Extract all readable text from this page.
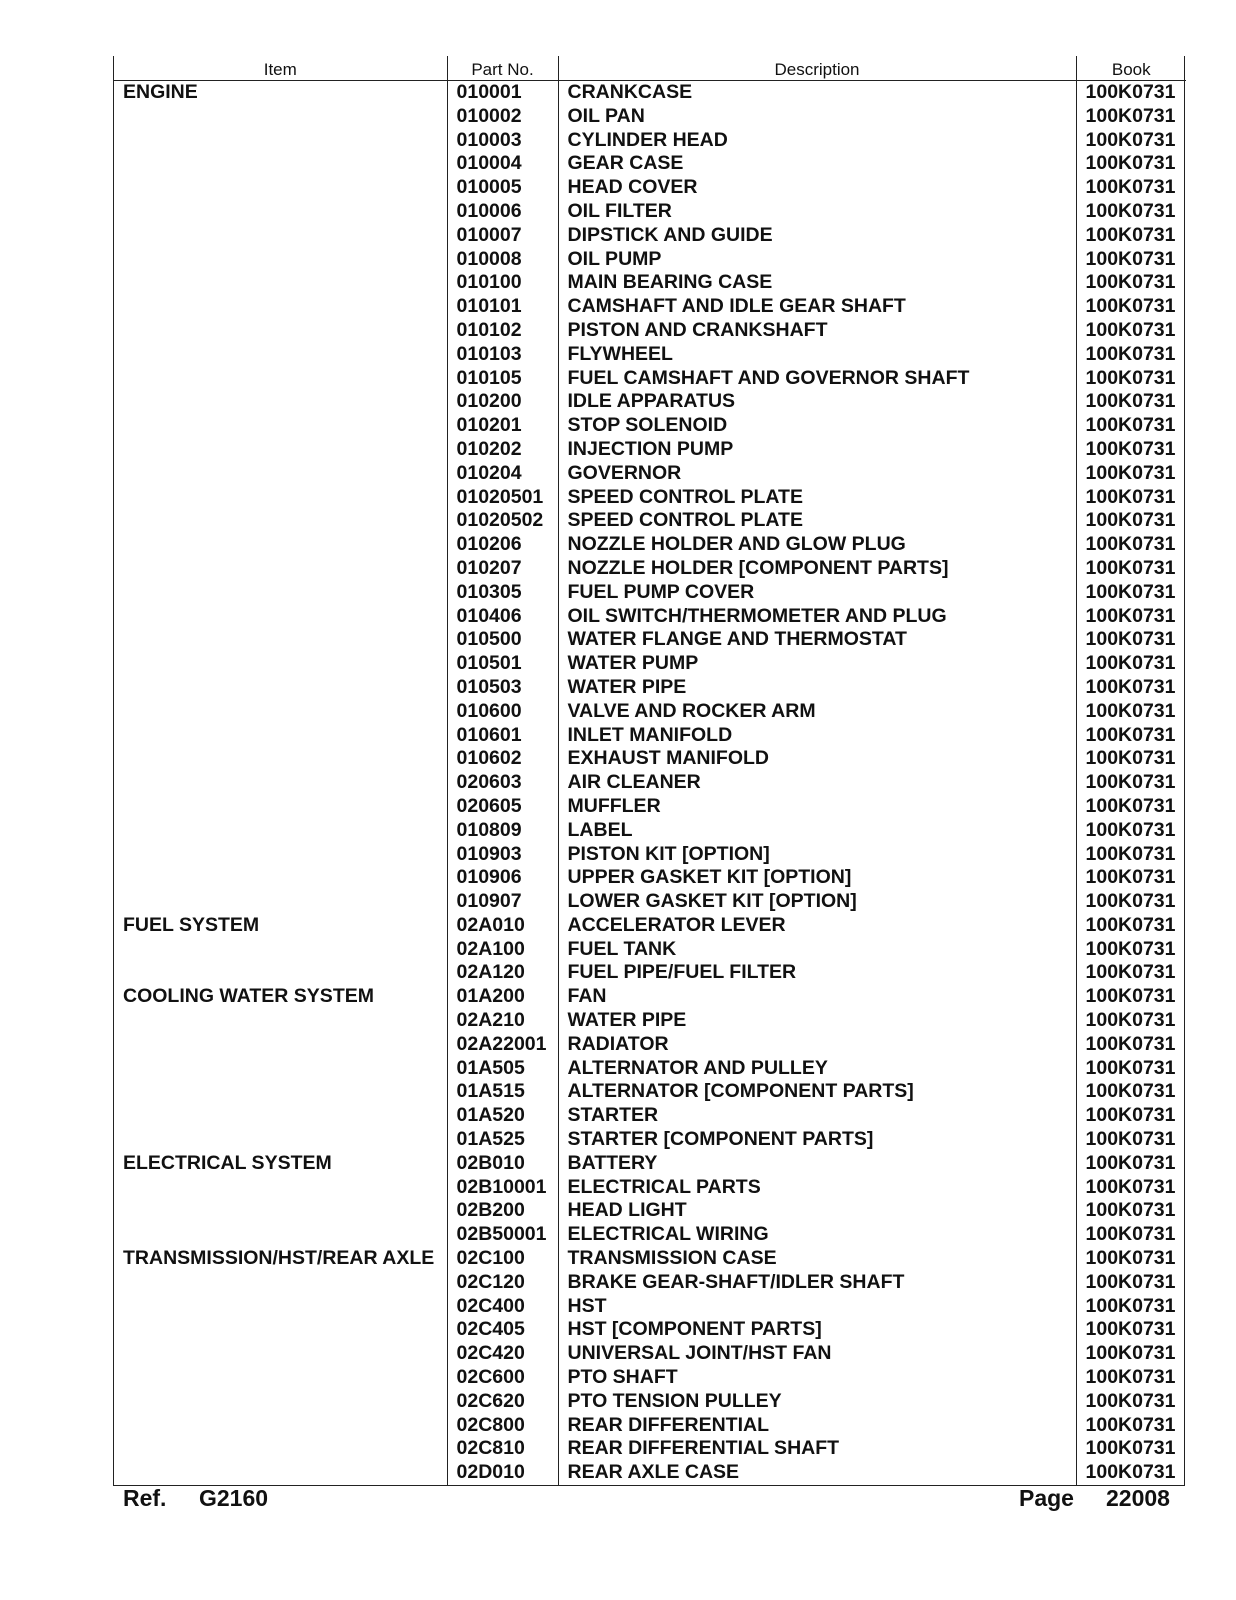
Item	Part No.	Description	Book
ENGINE	010001	CRANKCASE	100K0731
	010002	OIL PAN	100K0731
	010003	CYLINDER HEAD	100K0731
	010004	GEAR CASE	100K0731
	010005	HEAD COVER	100K0731
	010006	OIL FILTER	100K0731
	010007	DIPSTICK AND GUIDE	100K0731
	010008	OIL PUMP	100K0731
	010100	MAIN BEARING CASE	100K0731
	010101	CAMSHAFT AND IDLE GEAR SHAFT	100K0731
	010102	PISTON AND CRANKSHAFT	100K0731
	010103	FLYWHEEL	100K0731
	010105	FUEL CAMSHAFT AND GOVERNOR SHAFT	100K0731
	010200	IDLE APPARATUS	100K0731
	010201	STOP SOLENOID	100K0731
	010202	INJECTION PUMP	100K0731
	010204	GOVERNOR	100K0731
	01020501	SPEED CONTROL PLATE	100K0731
	01020502	SPEED CONTROL PLATE	100K0731
	010206	NOZZLE HOLDER AND GLOW PLUG	100K0731
	010207	NOZZLE HOLDER [COMPONENT PARTS]	100K0731
	010305	FUEL PUMP COVER	100K0731
	010406	OIL SWITCH/THERMOMETER AND PLUG	100K0731
	010500	WATER FLANGE AND THERMOSTAT	100K0731
	010501	WATER PUMP	100K0731
	010503	WATER PIPE	100K0731
	010600	VALVE AND ROCKER ARM	100K0731
	010601	INLET MANIFOLD	100K0731
	010602	EXHAUST MANIFOLD	100K0731
	020603	AIR CLEANER	100K0731
	020605	MUFFLER	100K0731
	010809	LABEL	100K0731
	010903	PISTON KIT [OPTION]	100K0731
	010906	UPPER GASKET KIT [OPTION]	100K0731
	010907	LOWER GASKET KIT [OPTION]	100K0731
FUEL SYSTEM	02A010	ACCELERATOR LEVER	100K0731
	02A100	FUEL TANK	100K0731
	02A120	FUEL PIPE/FUEL FILTER	100K0731
COOLING WATER SYSTEM	01A200	FAN	100K0731
	02A210	WATER PIPE	100K0731
	02A22001	RADIATOR	100K0731
	01A505	ALTERNATOR AND PULLEY	100K0731
	01A515	ALTERNATOR [COMPONENT PARTS]	100K0731
	01A520	STARTER	100K0731
	01A525	STARTER [COMPONENT PARTS]	100K0731
ELECTRICAL SYSTEM	02B010	BATTERY	100K0731
	02B10001	ELECTRICAL PARTS	100K0731
	02B200	HEAD LIGHT	100K0731
	02B50001	ELECTRICAL WIRING	100K0731
TRANSMISSION/HST/REAR AXLE	02C100	TRANSMISSION CASE	100K0731
	02C120	BRAKE GEAR-SHAFT/IDLER SHAFT	100K0731
	02C400	HST	100K0731
	02C405	HST [COMPONENT PARTS]	100K0731
	02C420	UNIVERSAL JOINT/HST FAN	100K0731
	02C600	PTO SHAFT	100K0731
	02C620	PTO TENSION PULLEY	100K0731
	02C800	REAR DIFFERENTIAL	100K0731
	02C810	REAR DIFFERENTIAL SHAFT	100K0731
	02D010	REAR AXLE CASE	100K0731
Ref. G2160	Page 22008
